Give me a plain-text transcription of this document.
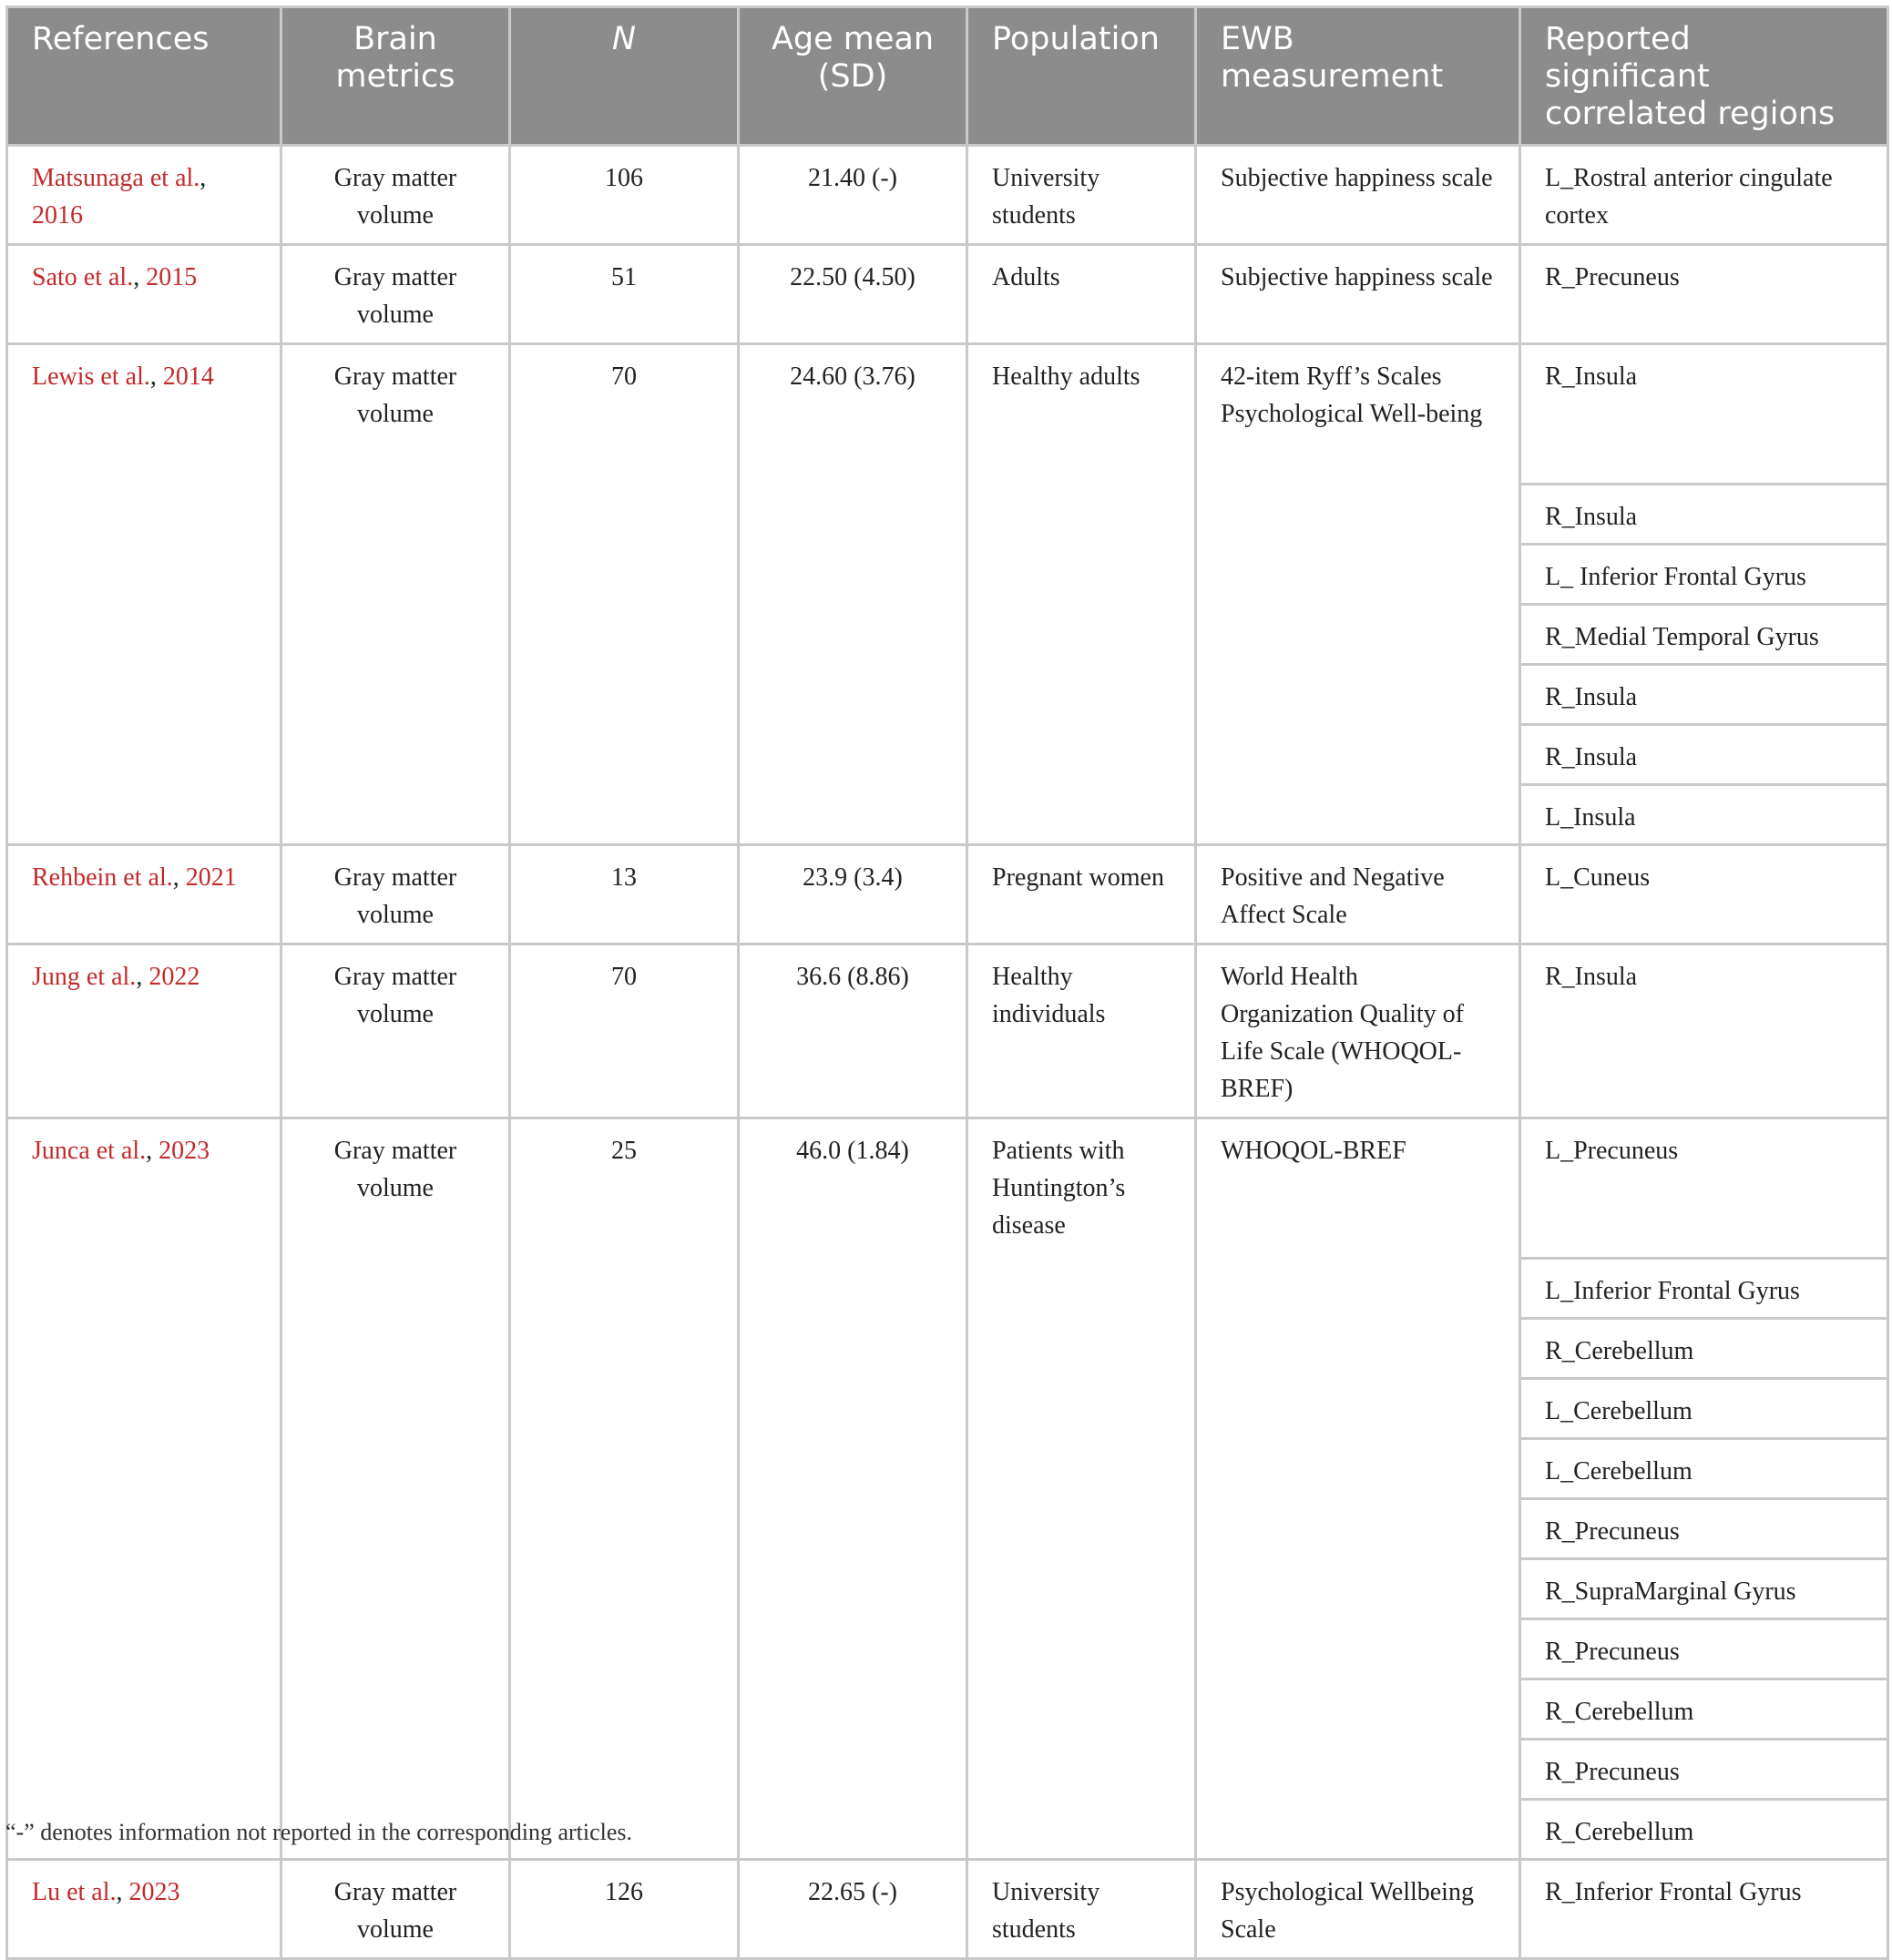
References	Brain metrics	N	Age mean (SD)	Population	EWB measurement	Reported significant correlated regions
Matsunaga et al., 2016	Gray matter volume	106	21.40 (-)	University students	Subjective happiness scale	L_Rostral anterior cingulate cortex
Sato et al., 2015	Gray matter volume	51	22.50 (4.50)	Adults	Subjective happiness scale	R_Precuneus
Lewis et al., 2014	Gray matter volume	70	24.60 (3.76)	Healthy adults	42-item Ryff’s Scales Psychological Well-being	R_Insula
						R_Insula
						L_ Inferior Frontal Gyrus
						R_Medial Temporal Gyrus
						R_Insula
						R_Insula
						L_Insula
Rehbein et al., 2021	Gray matter volume	13	23.9 (3.4)	Pregnant women	Positive and Negative Affect Scale	L_Cuneus
Jung et al., 2022	Gray matter volume	70	36.6 (8.86)	Healthy individuals	World Health Organization Quality of Life Scale (WHOQOL-BREF)	R_Insula
Junca et al., 2023	Gray matter volume	25	46.0 (1.84)	Patients with Huntington’s disease	WHOQOL-BREF	L_Precuneus
						L_Inferior Frontal Gyrus
						R_Cerebellum
						L_Cerebellum
						L_Cerebellum
						R_Precuneus
						R_SupraMarginal Gyrus
						R_Precuneus
						R_Cerebellum
						R_Precuneus
						R_Cerebellum
Lu et al., 2023	Gray matter volume	126	22.65 (-)	University students	Psychological Wellbeing Scale	R_Inferior Frontal Gyrus

“-” denotes information not reported in the corresponding articles.
